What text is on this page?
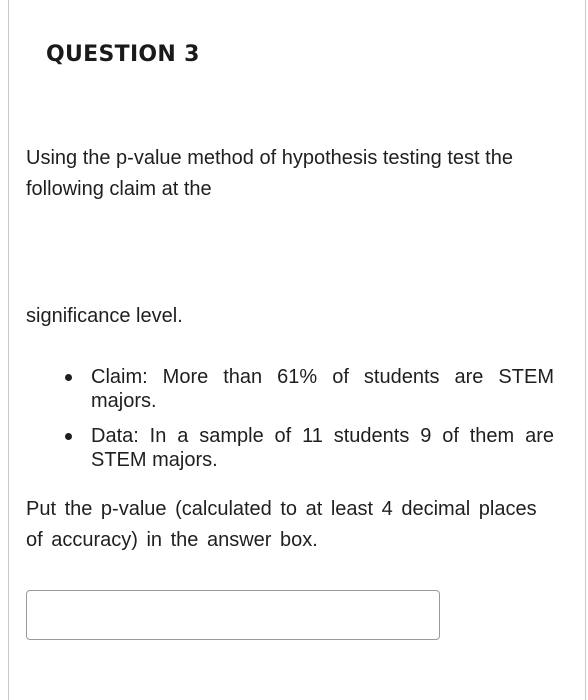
QUESTION 3

Using the p-value method of hypothesis testing test the following claim at the

significance level.

Claim: More than 61% of students are STEM majors.
Data: In a sample of 11 students 9 of them are STEM majors.

Put the p-value (calculated to at least 4 decimal places of accuracy) in the answer box.
